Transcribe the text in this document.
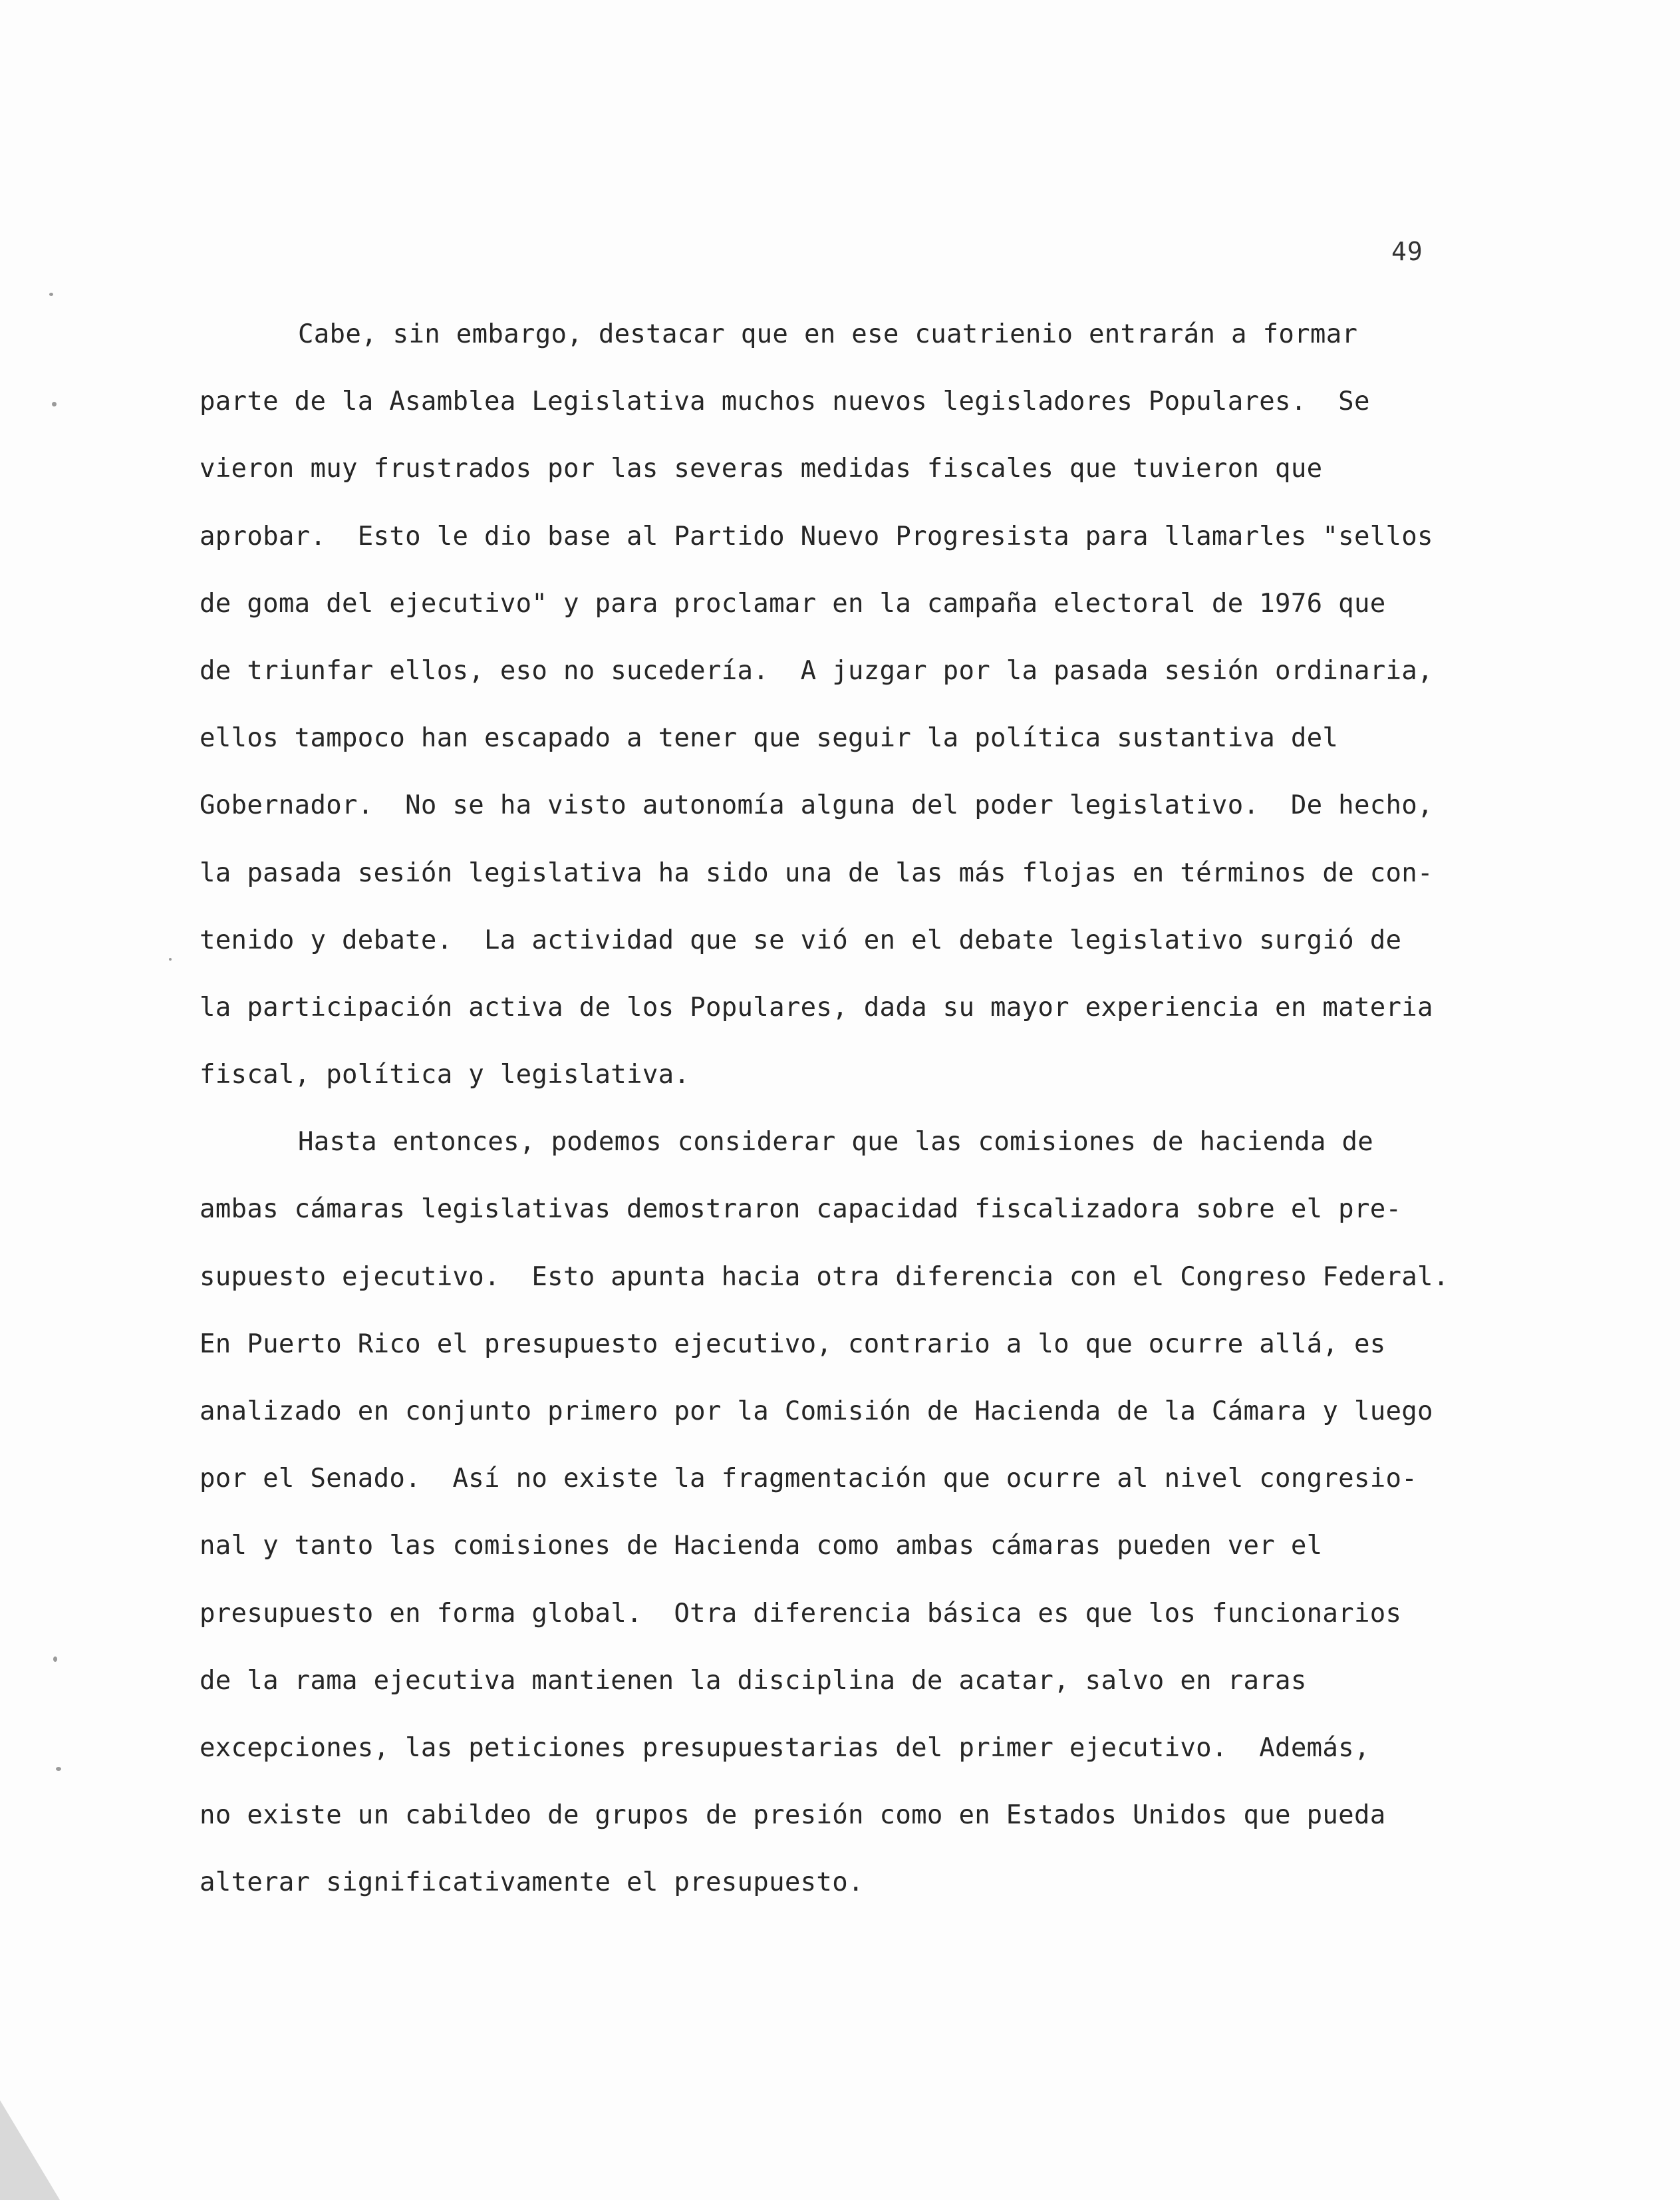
49
Cabe, sin embargo, destacar que en ese cuatrienio entrarán a formar
parte de la Asamblea Legislativa muchos nuevos legisladores Populares.  Se
vieron muy frustrados por las severas medidas fiscales que tuvieron que
aprobar.  Esto le dio base al Partido Nuevo Progresista para llamarles "sellos
de goma del ejecutivo" y para proclamar en la campaña electoral de 1976 que
de triunfar ellos, eso no sucedería.  A juzgar por la pasada sesión ordinaria,
ellos tampoco han escapado a tener que seguir la política sustantiva del
Gobernador.  No se ha visto autonomía alguna del poder legislativo.  De hecho,
la pasada sesión legislativa ha sido una de las más flojas en términos de con-
tenido y debate.  La actividad que se vió en el debate legislativo surgió de
la participación activa de los Populares, dada su mayor experiencia en materia
fiscal, política y legislativa.
Hasta entonces, podemos considerar que las comisiones de hacienda de
ambas cámaras legislativas demostraron capacidad fiscalizadora sobre el pre-
supuesto ejecutivo.  Esto apunta hacia otra diferencia con el Congreso Federal.
En Puerto Rico el presupuesto ejecutivo, contrario a lo que ocurre allá, es
analizado en conjunto primero por la Comisión de Hacienda de la Cámara y luego
por el Senado.  Así no existe la fragmentación que ocurre al nivel congresio-
nal y tanto las comisiones de Hacienda como ambas cámaras pueden ver el
presupuesto en forma global.  Otra diferencia básica es que los funcionarios
de la rama ejecutiva mantienen la disciplina de acatar, salvo en raras
excepciones, las peticiones presupuestarias del primer ejecutivo.  Además,
no existe un cabildeo de grupos de presión como en Estados Unidos que pueda
alterar significativamente el presupuesto.
